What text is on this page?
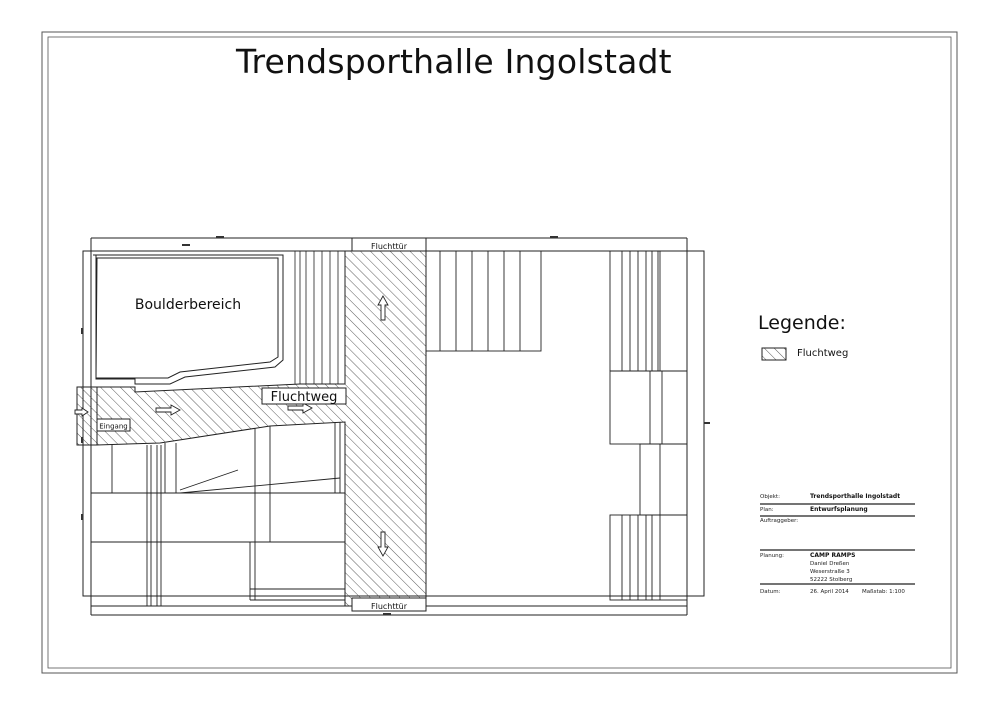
Fluchttür
Fluchttür
Boulderbereich
Fluchtweg
Eingang
Trendsporthalle Ingolstadt
Legende:
Fluchtweg
Objekt:	Trendsporthalle Ingolstadt
Plan:	Entwurfsplanung
Auftraggeber:
Planung:	CAMP RAMPS
Daniel Dreßen
Weserstraße 3
52222 Stolberg
Datum:	26. April 2014 Maßstab: 1:100
